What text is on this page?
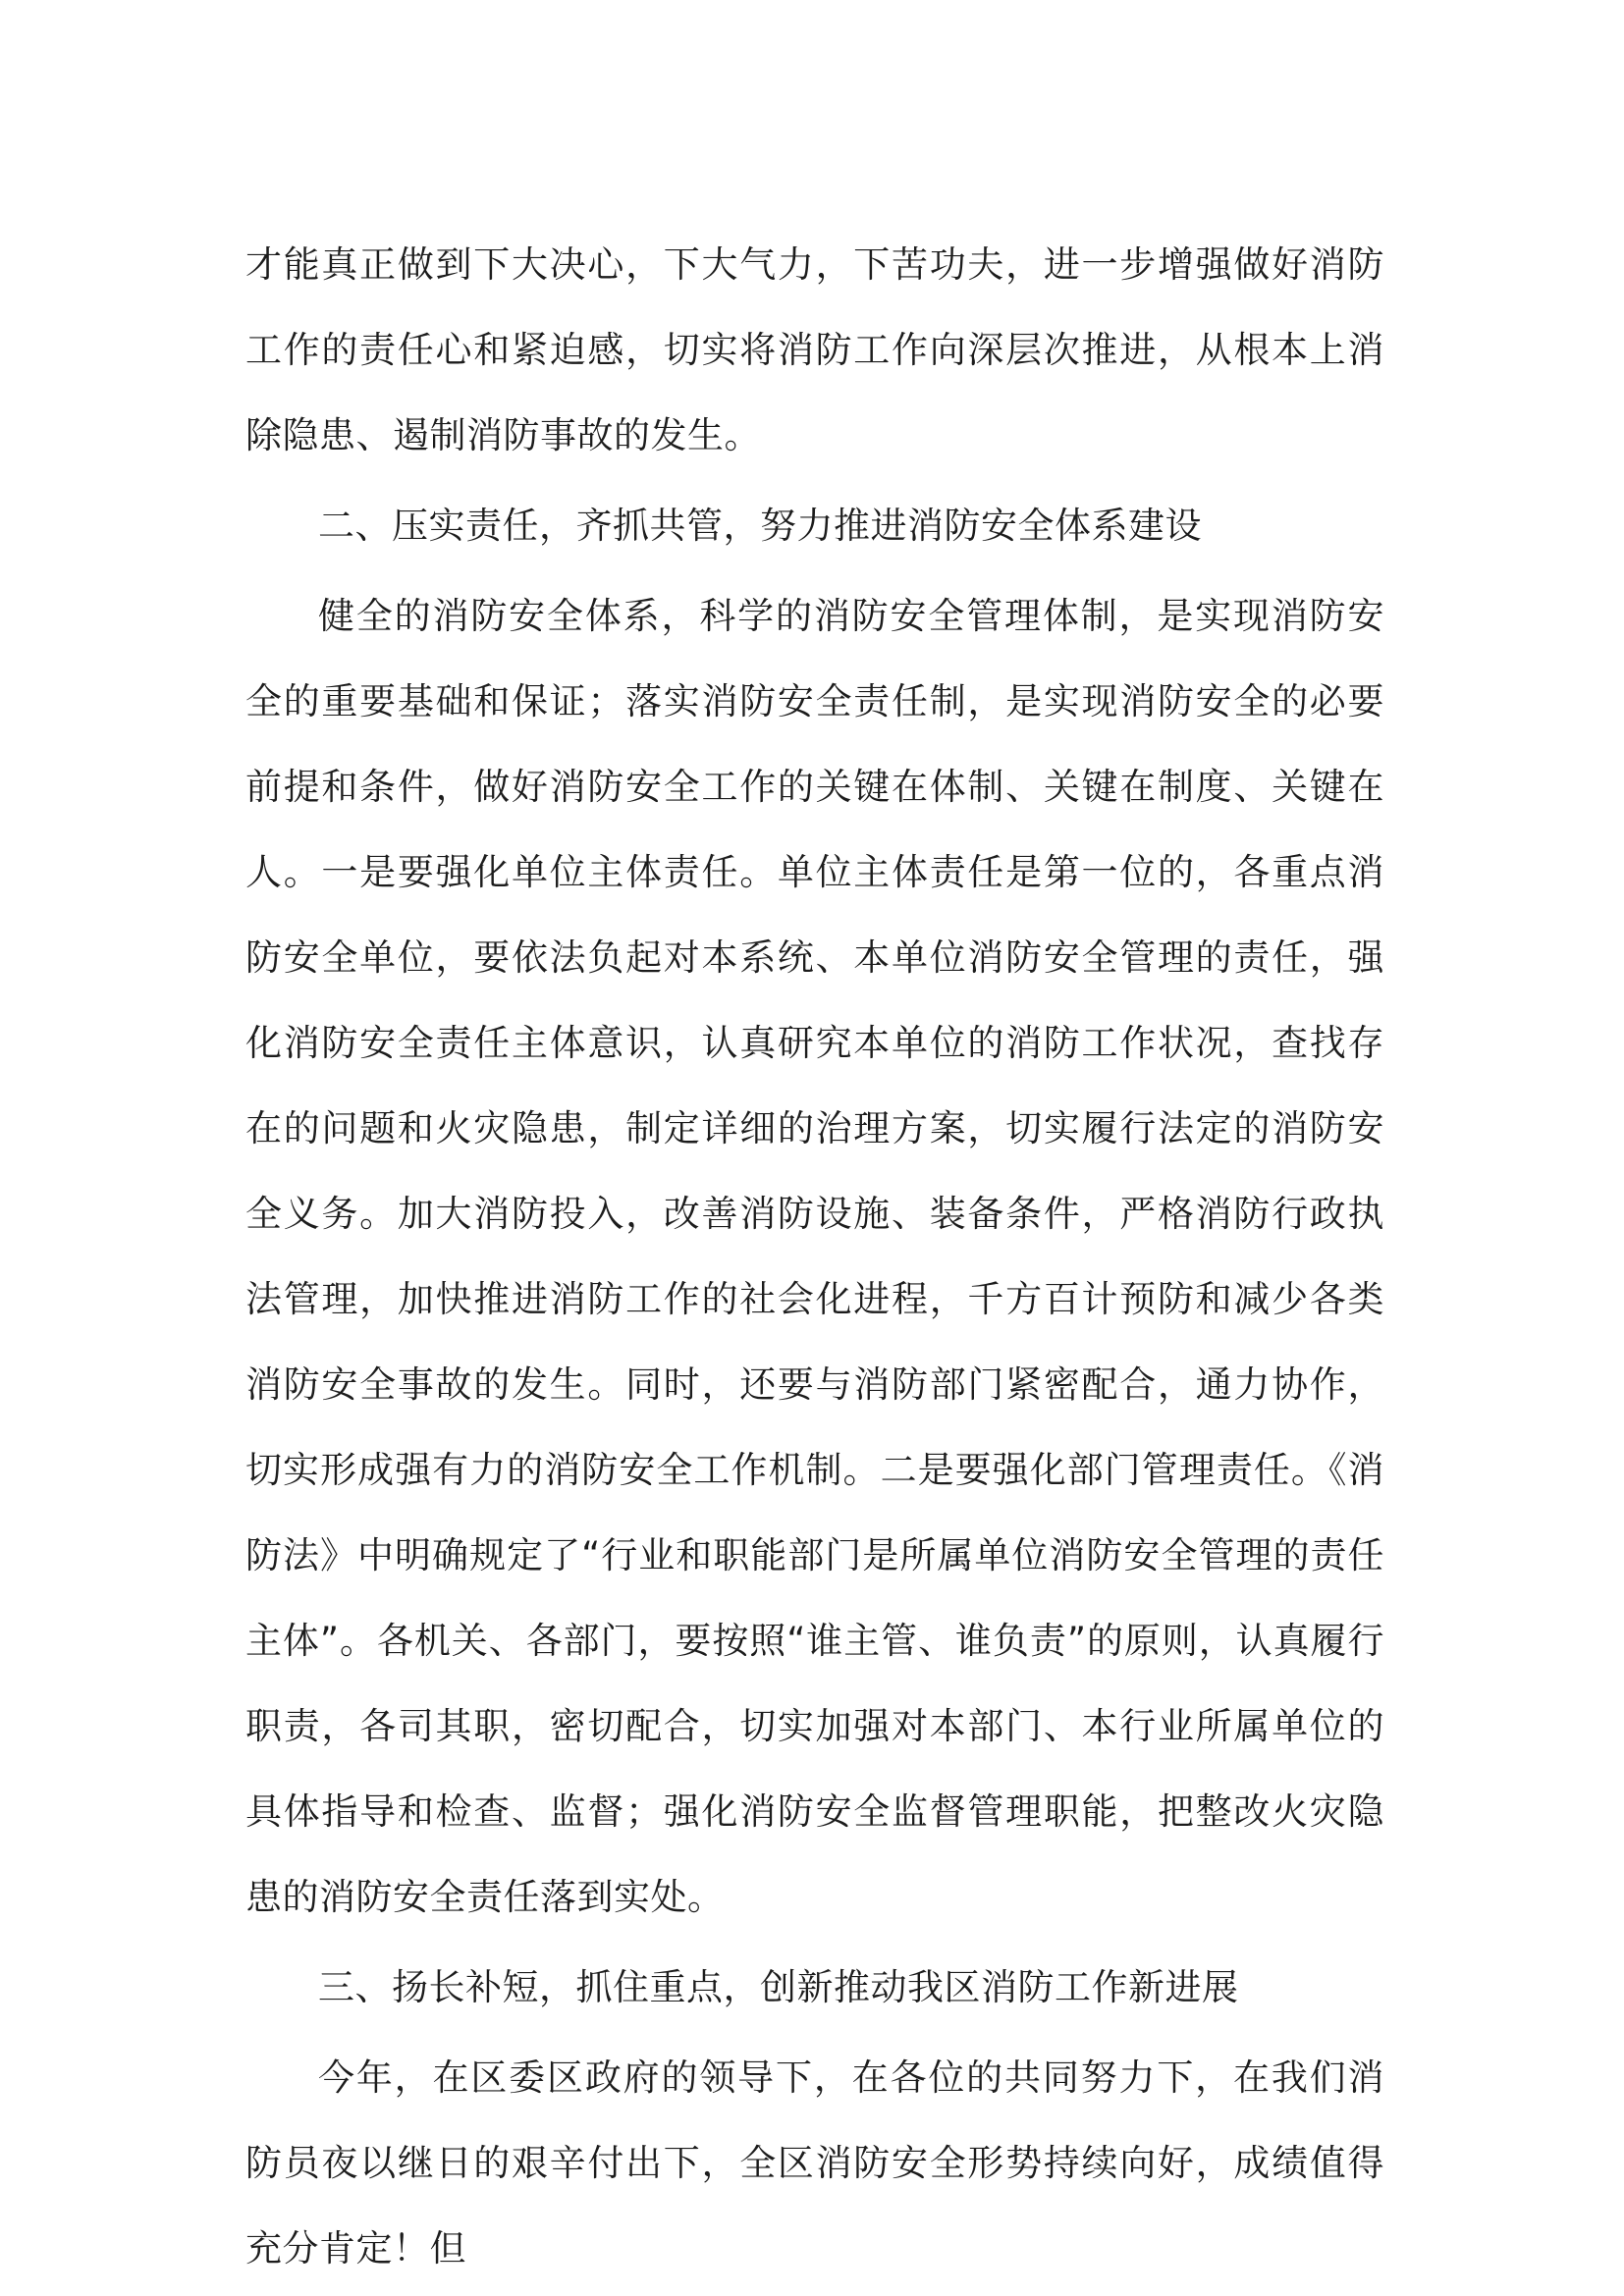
才能真正做到下大决心，下大气力，下苦功夫，进一步增强做好消防工作的责任心和紧迫感，切实将消防工作向深层次推进，从根本上消除隐患、遏制消防事故的发生。

二、压实责任，齐抓共管，努力推进消防安全体系建设

健全的消防安全体系，科学的消防安全管理体制，是实现消防安全的重要基础和保证；落实消防安全责任制，是实现消防安全的必要前提和条件，做好消防安全工作的关键在体制、关键在制度、关键在人。一是要强化单位主体责任。单位主体责任是第一位的，各重点消防安全单位，要依法负起对本系统、本单位消防安全管理的责任，强化消防安全责任主体意识，认真研究本单位的消防工作状况，查找存在的问题和火灾隐患，制定详细的治理方案，切实履行法定的消防安全义务。加大消防投入，改善消防设施、装备条件，严格消防行政执法管理，加快推进消防工作的社会化进程，千方百计预防和减少各类消防安全事故的发生。同时，还要与消防部门紧密配合，通力协作，切实形成强有力的消防安全工作机制。二是要强化部门管理责任。《消防法》中明确规定了“行业和职能部门是所属单位消防安全管理的责任主体”。各机关、各部门，要按照“谁主管、谁负责”的原则，认真履行职责，各司其职，密切配合，切实加强对本部门、本行业所属单位的具体指导和检查、监督；强化消防安全监督管理职能，把整改火灾隐患的消防安全责任落到实处。

三、扬长补短，抓住重点，创新推动我区消防工作新进展

今年，在区委区政府的领导下，在各位的共同努力下，在我们消防员夜以继日的艰辛付出下，全区消防安全形势持续向好，成绩值得充分肯定！但
